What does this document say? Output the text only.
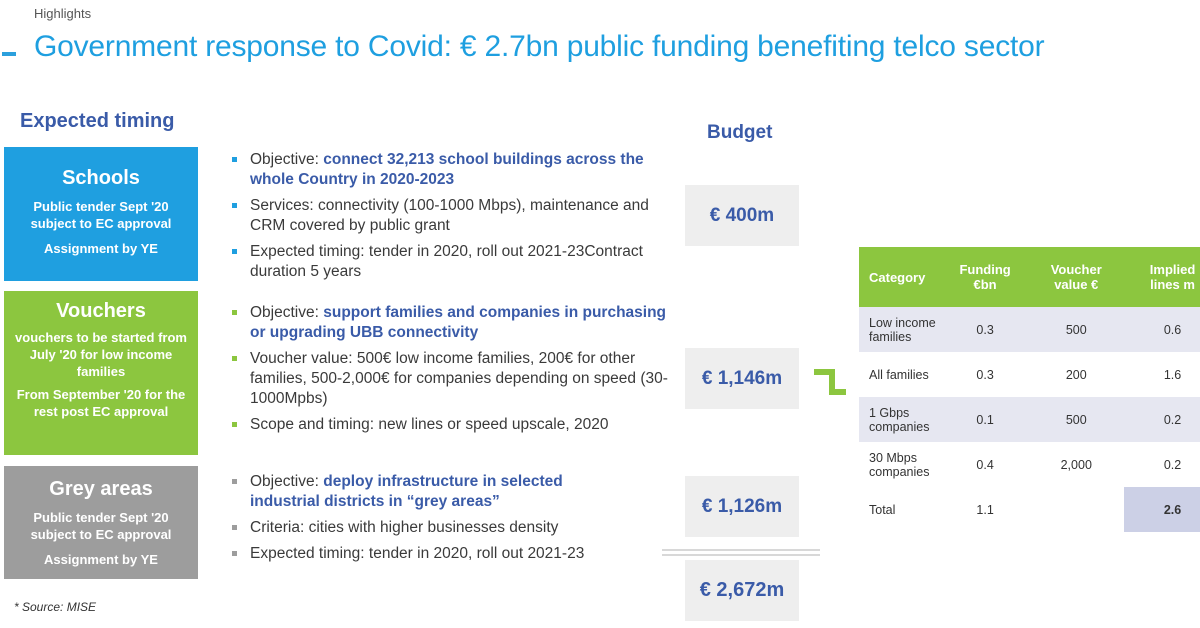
Highlights
Government response to Covid: € 2.7bn public funding benefiting telco sector
Expected timing
Schools
Public tender Sept '20 subject to EC approval
Assignment by YE
Vouchers
vouchers to be started from July '20 for low income families
From September '20 for the rest post EC approval
Grey areas
Public tender Sept '20 subject to EC approval
Assignment by YE
Objective: connect 32,213 school buildings across the whole Country in 2020-2023
Services: connectivity (100-1000 Mbps), maintenance and CRM covered by public grant
Expected timing: tender in 2020, roll out 2021-23Contract duration 5 years
Objective: support families and companies in purchasing or upgrading UBB connectivity
Voucher value: 500€ low income families, 200€ for other families, 500-2,000€ for companies depending on speed (30-1000Mpbs)
Scope and timing: new lines or speed upscale, 2020
Objective: deploy infrastructure in selected industrial districts in “grey areas”
Criteria: cities with higher businesses density
Expected timing: tender in 2020, roll out 2021-23
Budget
€ 400m
€ 1,146m
€ 1,126m
€ 2,672m
Category	Funding €bn	Voucher value €	Implied lines m
Low income families	0.3	500	0.6
All families	0.3	200	1.6
1 Gbps companies	0.1	500	0.2
30 Mbps companies	0.4	2,000	0.2
Total	1.1		2.6
* Source: MISE
